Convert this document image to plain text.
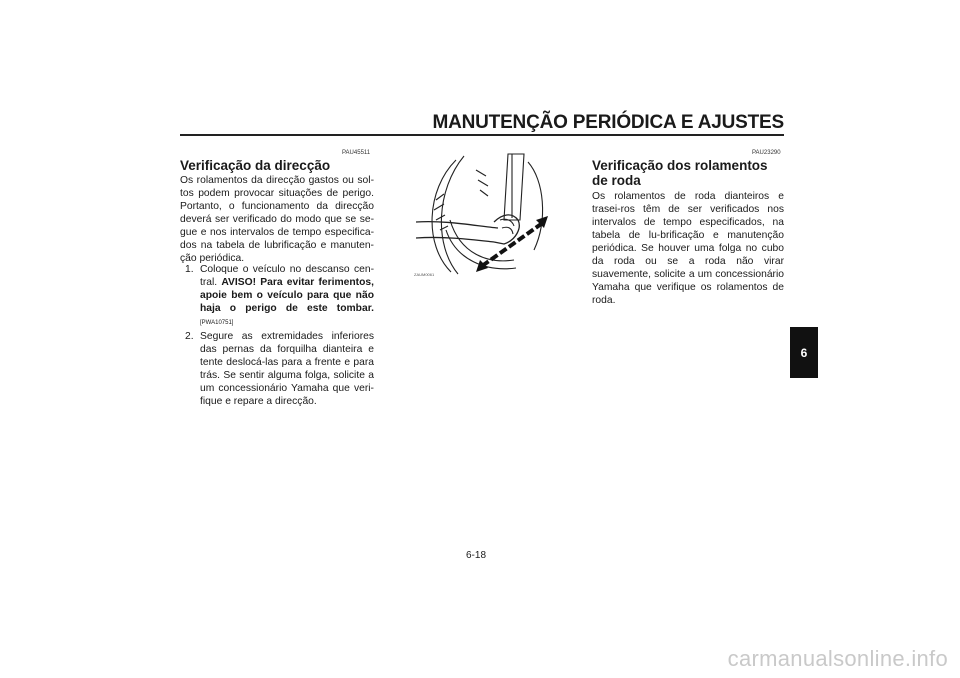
MANUTENÇÃO PERIÓDICA E AJUSTES
PAU45511
Verificação da direcção

Os rolamentos da direcção gastos ou sol-tos podem provocar situações de perigo. Portanto, o funcionamento da direcção deverá ser verificado do modo que se se-gue e nos intervalos de tempo especifica-dos na tabela de lubrificação e manuten-ção periódica.

1. Coloque o veículo no descanso cen-tral. AVISO! Para evitar ferimentos, apoie bem o veículo para que não haja o perigo de este tombar.[PWA10751]
2. Segure as extremidades inferiores das pernas da forquilha dianteira e tente deslocá-las para a frente e para trás. Se sentir alguma folga, solicite a um concessionário Yamaha que veri-fique e repare a direcção.
ZAUM0061
PAU23290
Verificação dos rolamentos de roda

Os rolamentos de roda dianteiros e trasei-ros têm de ser verificados nos intervalos de tempo especificados, na tabela de lu-brificação e manutenção periódica. Se houver uma folga no cubo da roda ou se a roda não virar suavemente, solicite a um concessionário Yamaha que verifique os rolamentos de roda.

6-18
6
carmanualsonline.info
